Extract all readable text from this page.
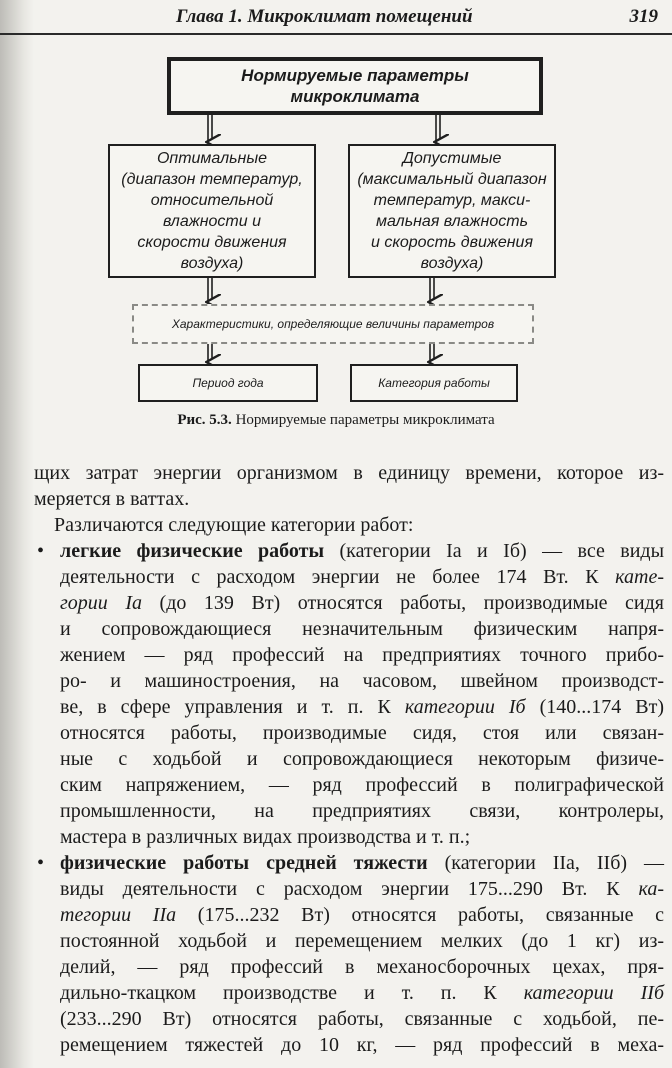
Глава 1. Микроклимат помещений	319
Нормируемые параметры
микроклимата
Оптимальные
(диапазон температур,
относительной
влажности и
скорости движения
воздуха)
Допустимые
(максимальный диапазон
температур, макси-
мальная влажность
и скорость движения
воздуха)
Характеристики, определяющие величины параметров
Период года	Категория работы
Рис. 5.3. Нормируемые параметры микроклимата
щих затрат энергии организмом в единицу времени, которое из-
меряется в ваттах.
Различаются следующие категории работ:
• легкие физические работы (категории Iа и Iб) — все виды
деятельности с расходом энергии не более 174 Вт. К катe-
гории Iа (до 139 Вт) относятся работы, производимые сидя
и сопровождающиеся незначительным физическим напря-
жением — ряд профессий на предприятиях точного прибо-
ро- и машиностроения, на часовом, швейном производст-
ве, в сфере управления и т. п. К категории Iб (140...174 Вт)
относятся работы, производимые сидя, стоя или связан-
ные с ходьбой и сопровождающиеся некоторым физиче-
ским напряжением, — ряд профессий в полиграфической
промышленности, на предприятиях связи, контролеры,
мастера в различных видах производства и т. п.;
• физические работы средней тяжести (категории IIа, IIб) —
виды деятельности с расходом энергии 175...290 Вт. К ка-
тегории IIа (175...232 Вт) относятся работы, связанные с
постоянной ходьбой и перемещением мелких (до 1 кг) из-
делий, — ряд профессий в механосборочных цехах, пря-
дильно-ткацком производстве и т. п. К категории IIб
(233...290 Вт) относятся работы, связанные с ходьбой, пе-
ремещением тяжестей до 10 кг, — ряд профессий в меха-
